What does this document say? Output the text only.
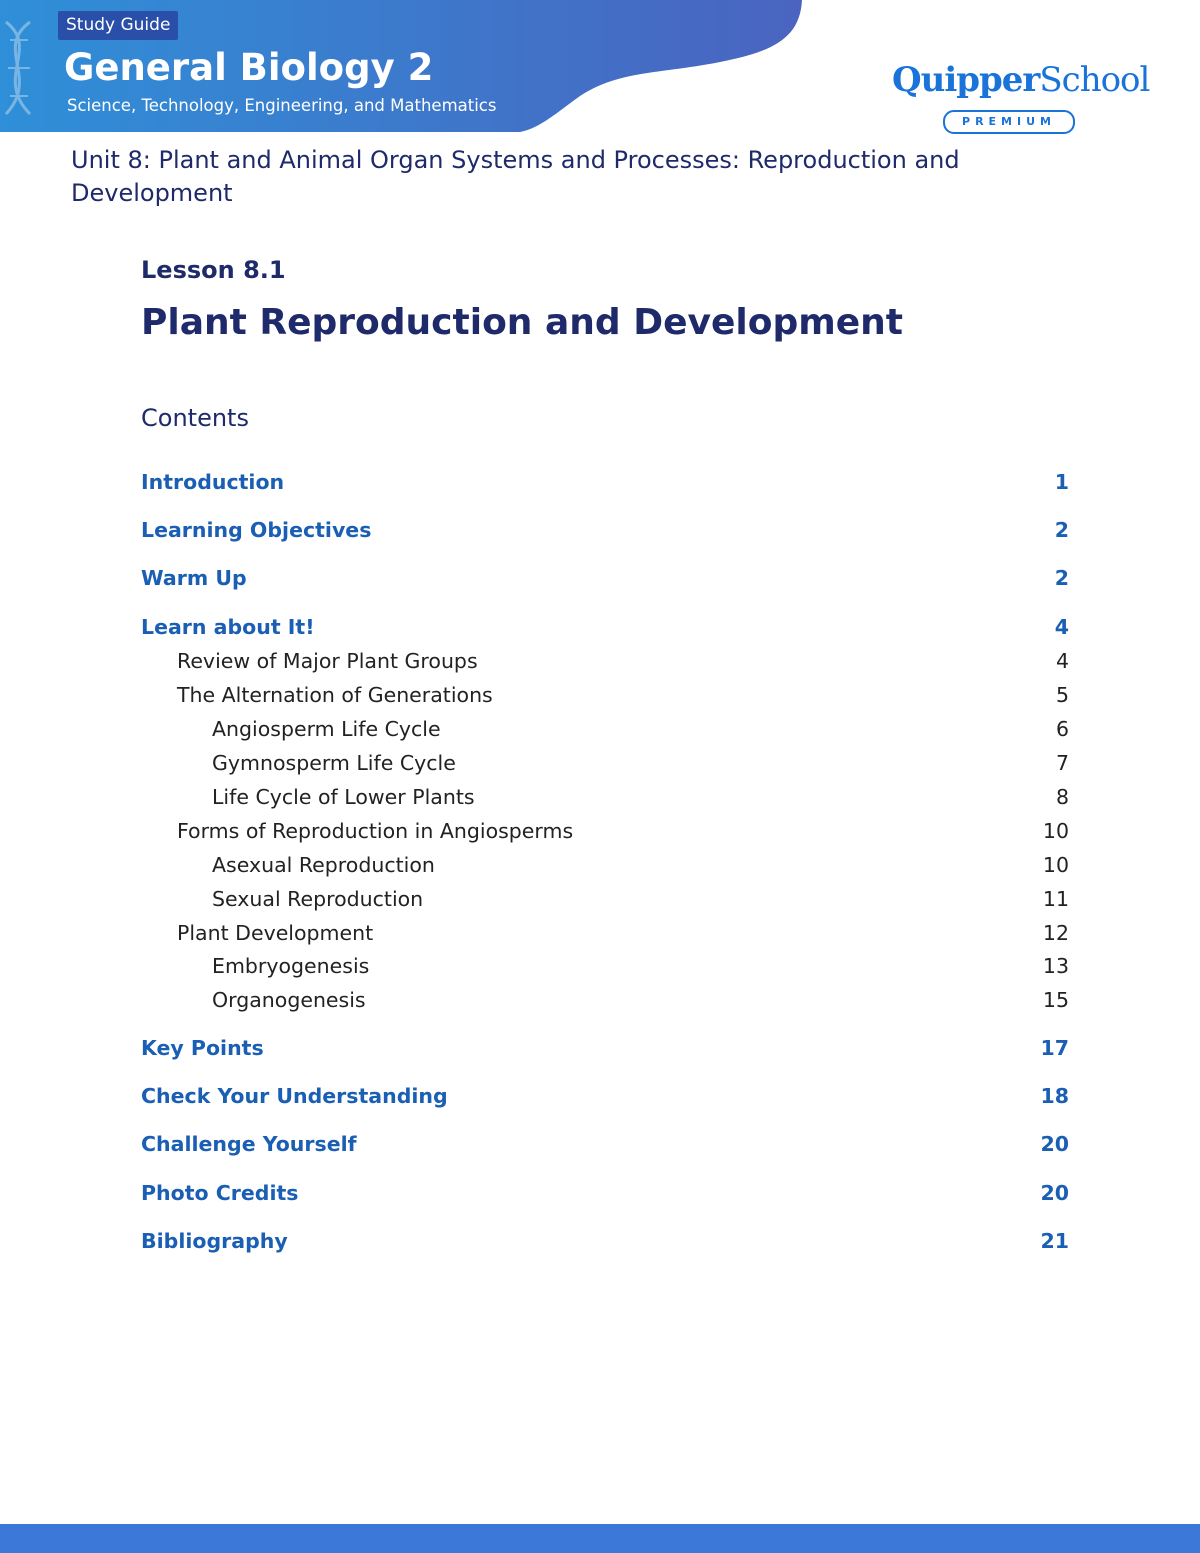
Study Guide
General Biology 2
Science, Technology, Engineering, and Mathematics
QuipperSchool
PREMIUM
Unit 8: Plant and Animal Organ Systems and Processes: Reproduction and Development
Lesson 8.1
Plant Reproduction and Development
Contents
Introduction	1
Learning Objectives	2
Warm Up	2
Learn about It!	4
Review of Major Plant Groups	4
The Alternation of Generations	5
Angiosperm Life Cycle	6
Gymnosperm Life Cycle	7
Life Cycle of Lower Plants	8
Forms of Reproduction in Angiosperms	10
Asexual Reproduction	10
Sexual Reproduction	11
Plant Development	12
Embryogenesis	13
Organogenesis	15
Key Points	17
Check Your Understanding	18
Challenge Yourself	20
Photo Credits	20
Bibliography	21
